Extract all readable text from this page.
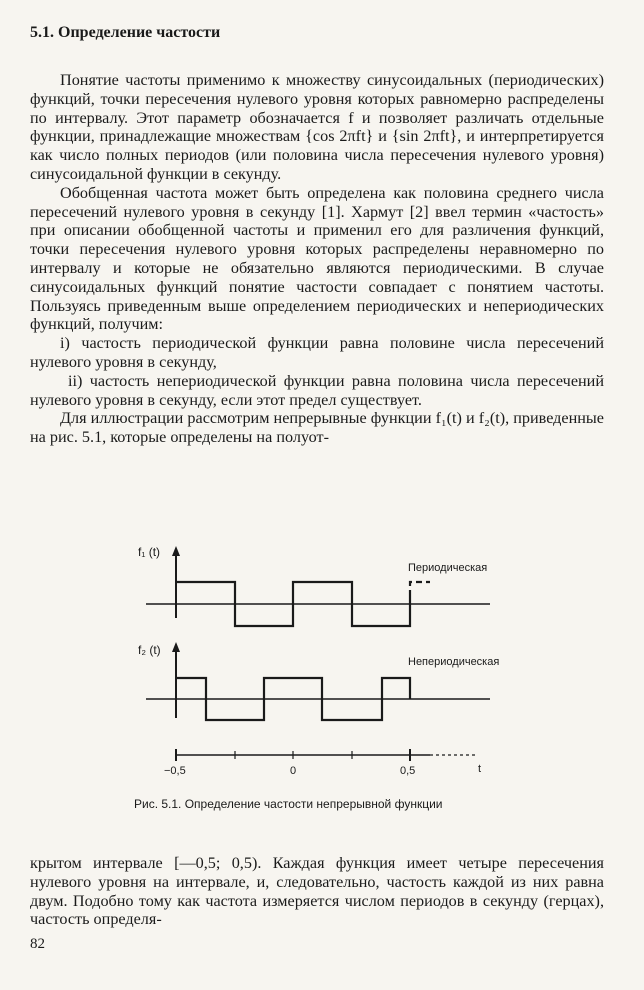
5.1. Определение частости

Понятие частоты применимо к множеству синусоидальных (периодических) функций, точки пересечения нулевого уровня которых равномерно распределены по интервалу. Этот параметр обозначается f и позволяет различать отдельные функции, принадлежащие множествам {cos 2πft} и {sin 2πft}, и интерпретируется как число полных периодов (или половина числа пересечения нулевого уровня) синусоидальной функции в секунду.

Обобщенная частота может быть определена как половина среднего числа пересечений нулевого уровня в секунду [1]. Хармут [2] ввел термин «частость» при описании обобщенной частоты и применил его для различения функций, точки пересечения нулевого уровня которых распределены неравномерно по интервалу и которые не обязательно являются периодическими. В случае синусоидальных функций понятие частости совпадает с понятием частоты. Пользуясь приведенным выше определением периодических и непериодических функций, получим:

i) частость периодической функции равна половине числа пересечений нулевого уровня в секунду,

ii) частость непериодической функции равна половина числа пересечений нулевого уровня в секунду, если этот предел существует.

Для иллюстрации рассмотрим непрерывные функции f₁(t) и f₂(t), приведенные на рис. 5.1, которые определены на полуот-

f₁ (t)
Периодическая
f₂ (t)
Непериодическая
−0,5	0	0,5	t
Рис. 5.1. Определение частости непрерывной функции

крытом интервале [—0,5; 0,5). Каждая функция имеет четыре пересечения нулевого уровня на интервале, и, следовательно, частость каждой из них равна двум. Подобно тому как частота измеряется числом периодов в секунду (герцах), частость определя-

82
